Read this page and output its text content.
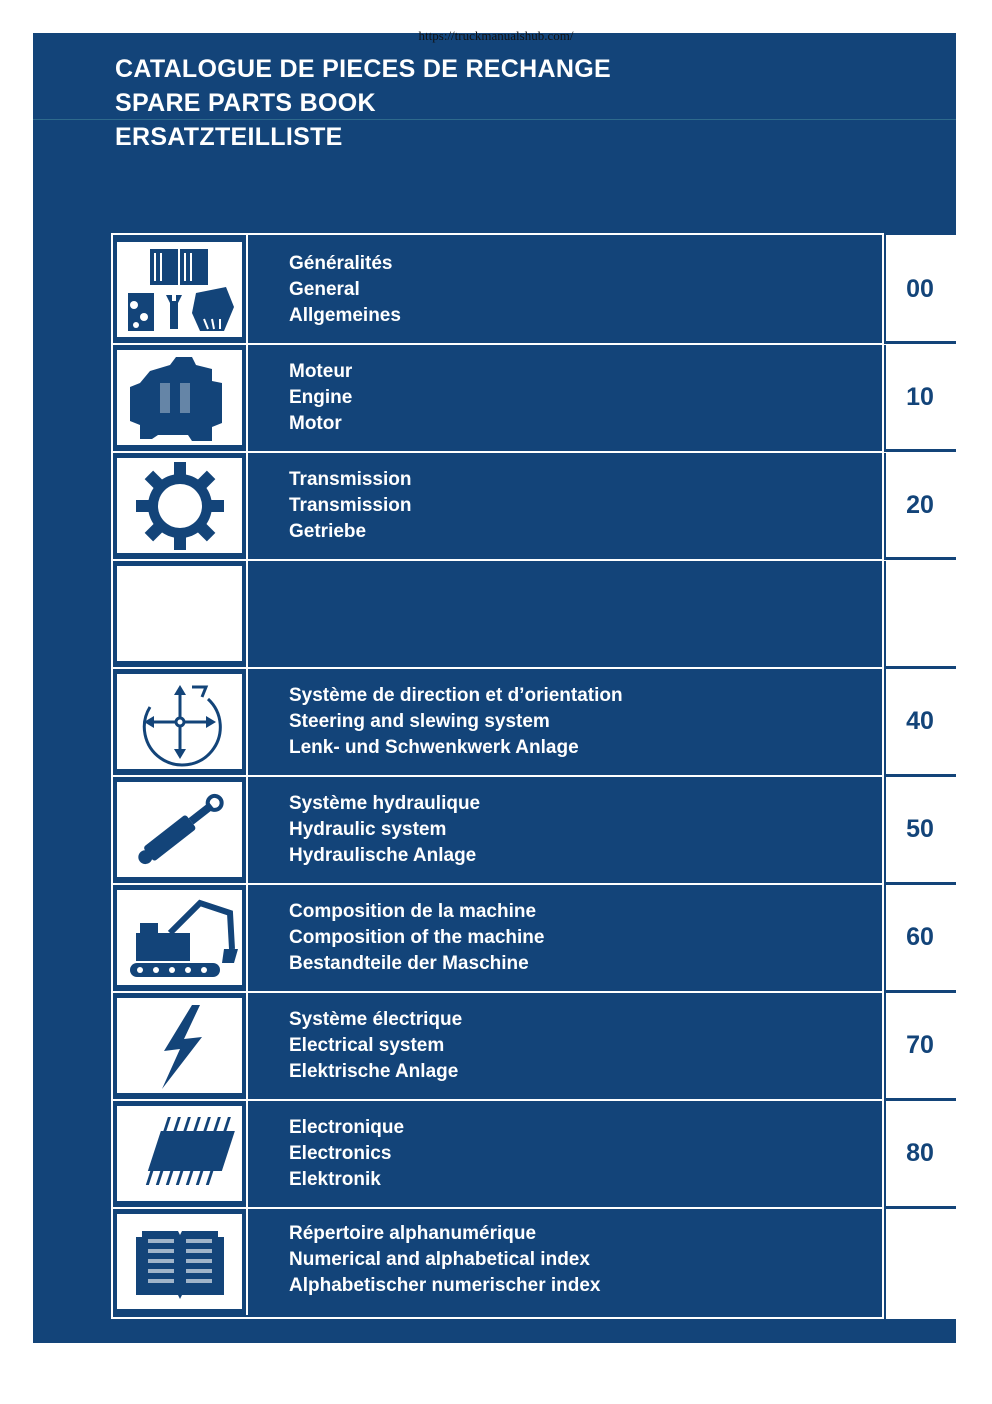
https://truckmanualshub.com/
CATALOGUE DE PIECES DE RECHANGE
SPARE PARTS BOOK
ERSATZTEILLISTE
Généralités
General
Allgemeines
00
Moteur
Engine
Motor
10
Transmission
Transmission
Getriebe
20
Système de direction et d’orientation
Steering and slewing system
Lenk- und Schwenkwerk Anlage
40
Système hydraulique
Hydraulic system
Hydraulische Anlage
50
Composition de la machine
Composition of the machine
Bestandteile der Maschine
60
Système électrique
Electrical system
Elektrische Anlage
70
Electronique
Electronics
Elektronik
80
Répertoire alphanumérique
Numerical and alphabetical index
Alphabetischer numerischer index
